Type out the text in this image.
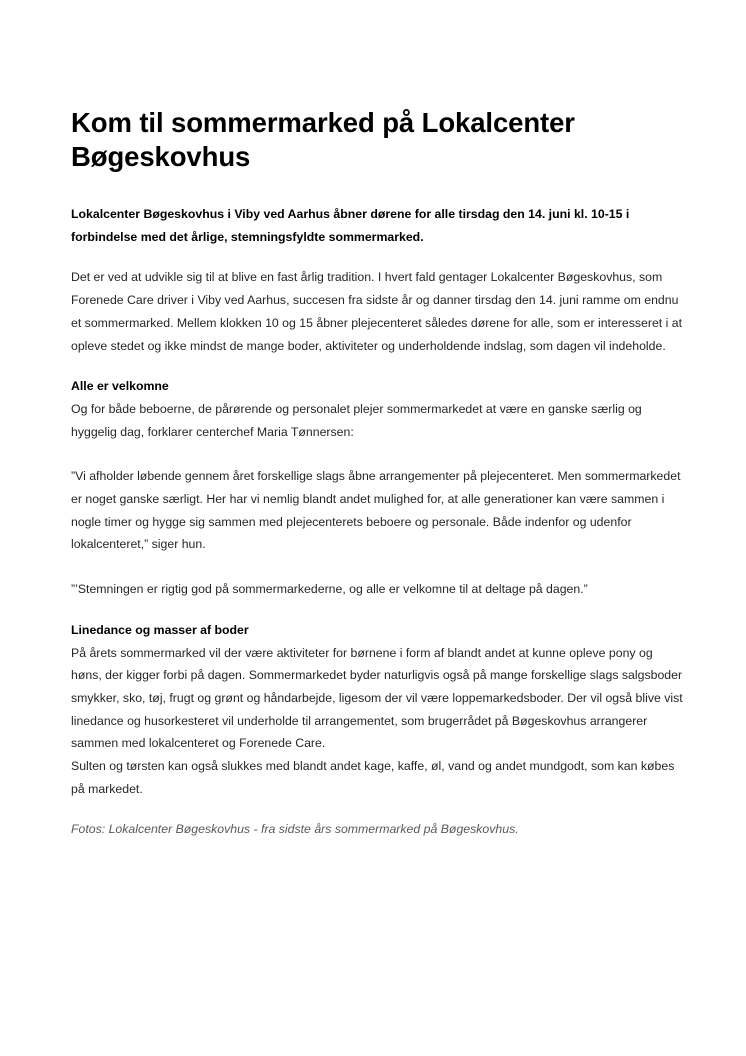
Kom til sommermarked på Lokalcenter Bøgeskovhus

Lokalcenter Bøgeskovhus i Viby ved Aarhus åbner dørene for alle tirsdag den 14. juni kl. 10-15 i forbindelse med det årlige, stemningsfyldte sommermarked.

Det er ved at udvikle sig til at blive en fast årlig tradition. I hvert fald gentager Lokalcenter Bøgeskovhus, som Forenede Care driver i Viby ved Aarhus, succesen fra sidste år og danner tirsdag den 14. juni ramme om endnu et sommermarked. Mellem klokken 10 og 15 åbner plejecenteret således dørene for alle, som er interesseret i at opleve stedet og ikke mindst de mange boder, aktiviteter og underholdende indslag, som dagen vil indeholde.

Alle er velkomne

Og for både beboerne, de pårørende og personalet plejer sommermarkedet at være en ganske særlig og hyggelig dag, forklarer centerchef Maria Tønnersen:

”Vi afholder løbende gennem året forskellige slags åbne arrangementer på plejecenteret. Men sommermarkedet er noget ganske særligt. Her har vi nemlig blandt andet mulighed for, at alle generationer kan være sammen i nogle timer og hygge sig sammen med plejecenterets beboere og personale. Både indenfor og udenfor lokalcenteret,” siger hun.

”’Stemningen er rigtig god på sommermarkederne, og alle er velkomne til at deltage på dagen.”

Linedance og masser af boder

På årets sommermarked vil der være aktiviteter for børnene i form af blandt andet at kunne opleve pony og høns, der kigger forbi på dagen. Sommermarkedet byder naturligvis også på mange forskellige slags salgsboder smykker, sko, tøj, frugt og grønt og håndarbejde, ligesom der vil være loppemarkedsboder. Der vil også blive vist linedance og husorkesteret vil underholde til arrangementet, som brugerrådet på Bøgeskovhus arrangerer sammen med lokalcenteret og Forenede Care.

Sulten og tørsten kan også slukkes med blandt andet kage, kaffe, øl, vand og andet mundgodt, som kan købes på markedet.

Fotos: Lokalcenter Bøgeskovhus - fra sidste års sommermarked på Bøgeskovhus.
